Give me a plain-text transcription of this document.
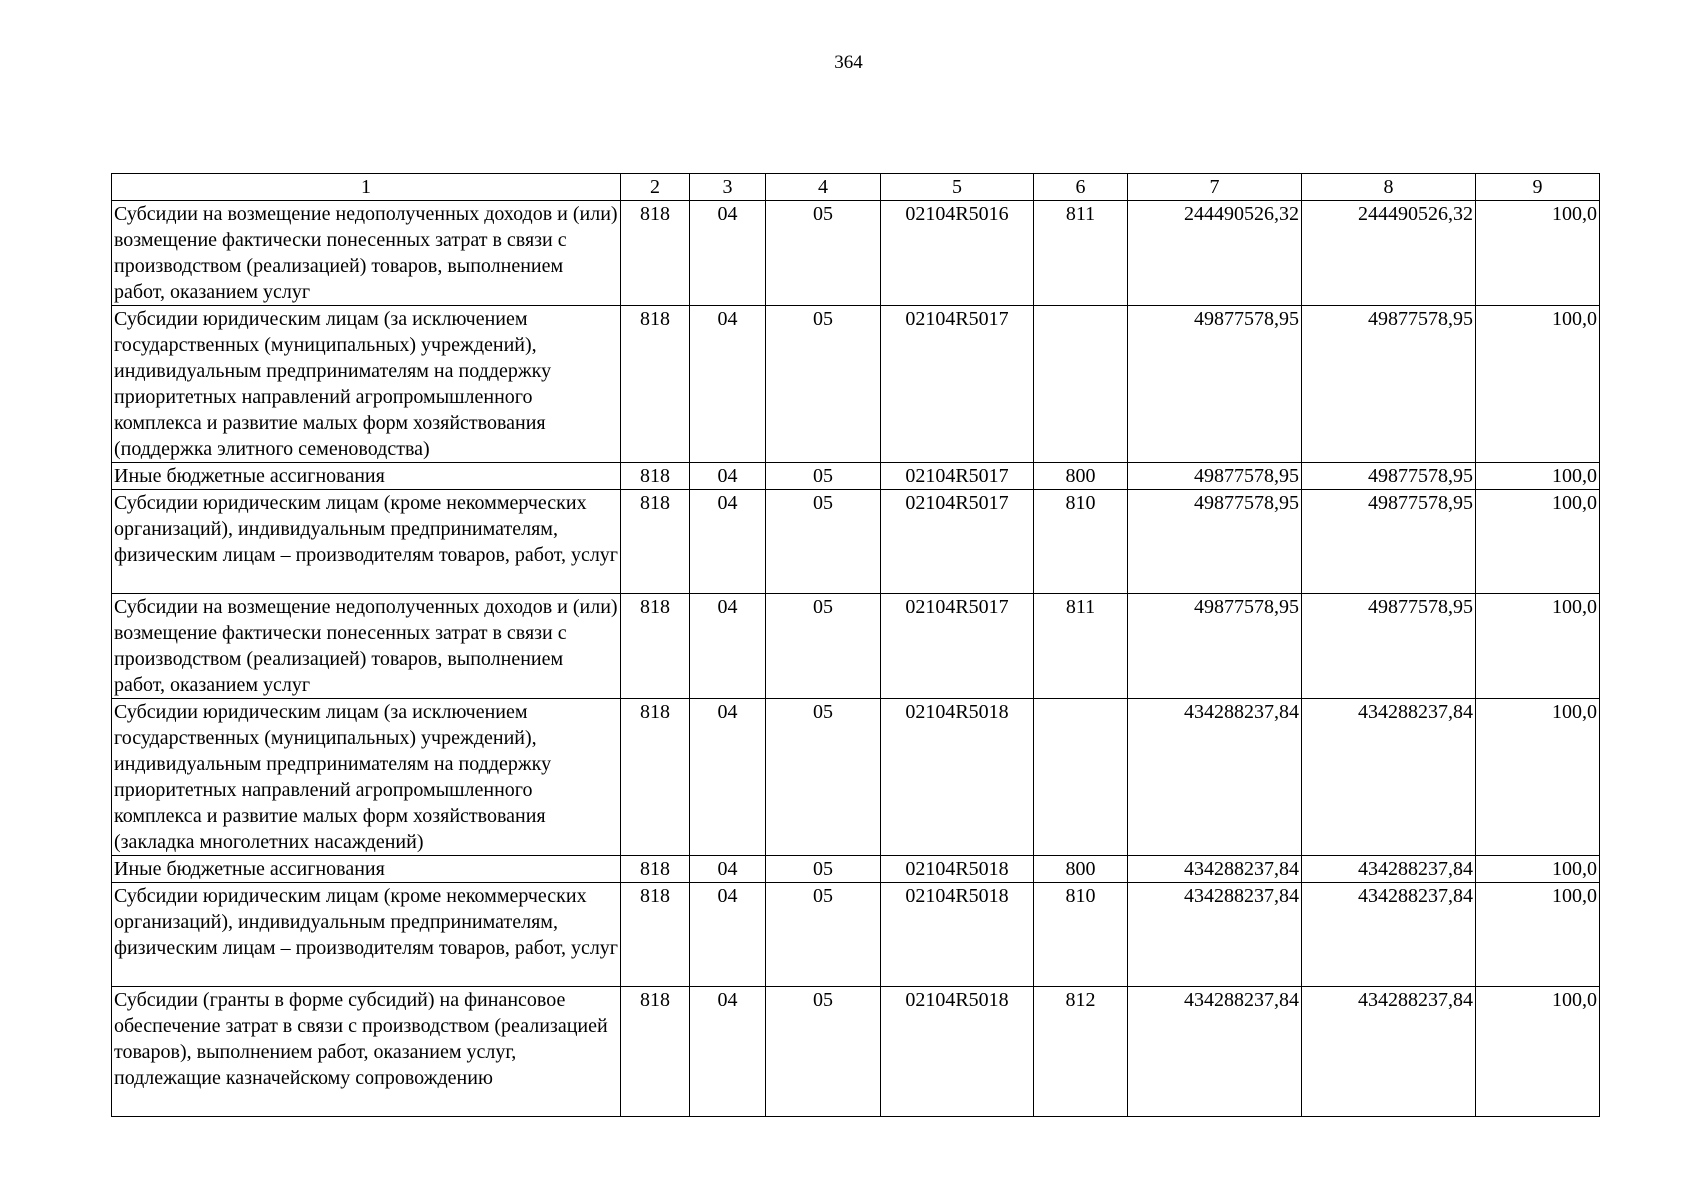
364
1	2	3	4	5	6	7	8	9
Субсидии на возмещение недополученных доходов и (или) возмещение фактически понесенных затрат в связи с производством (реализацией) товаров, выполнением работ, оказанием услуг	818	04	05	02104R5016	811	244490526,32	244490526,32	100,0
Субсидии юридическим лицам (за исключением государственных (муниципальных) учреждений), индивидуальным предпринимателям на поддержку приоритетных направлений агропромышленного комплекса и развитие малых форм хозяйствования (поддержка элитного семеноводства)	818	04	05	02104R5017		49877578,95	49877578,95	100,0
Иные бюджетные ассигнования	818	04	05	02104R5017	800	49877578,95	49877578,95	100,0
Субсидии юридическим лицам (кроме некоммерческих организаций), индивидуальным предпринимателям, физическим лицам – производителям товаров, работ, услуг	818	04	05	02104R5017	810	49877578,95	49877578,95	100,0
Субсидии на возмещение недополученных доходов и (или) возмещение фактически понесенных затрат в связи с производством (реализацией) товаров, выполнением работ, оказанием услуг	818	04	05	02104R5017	811	49877578,95	49877578,95	100,0
Субсидии юридическим лицам (за исключением государственных (муниципальных) учреждений), индивидуальным предпринимателям на поддержку приоритетных направлений агропромышленного комплекса и развитие малых форм хозяйствования (закладка многолетних насаждений)	818	04	05	02104R5018		434288237,84	434288237,84	100,0
Иные бюджетные ассигнования	818	04	05	02104R5018	800	434288237,84	434288237,84	100,0
Субсидии юридическим лицам (кроме некоммерческих организаций), индивидуальным предпринимателям, физическим лицам – производителям товаров, работ, услуг	818	04	05	02104R5018	810	434288237,84	434288237,84	100,0
Субсидии (гранты в форме субсидий) на финансовое обеспечение затрат в связи с производством (реализацией товаров), выполнением работ, оказанием услуг, подлежащие казначейскому сопровождению	818	04	05	02104R5018	812	434288237,84	434288237,84	100,0
